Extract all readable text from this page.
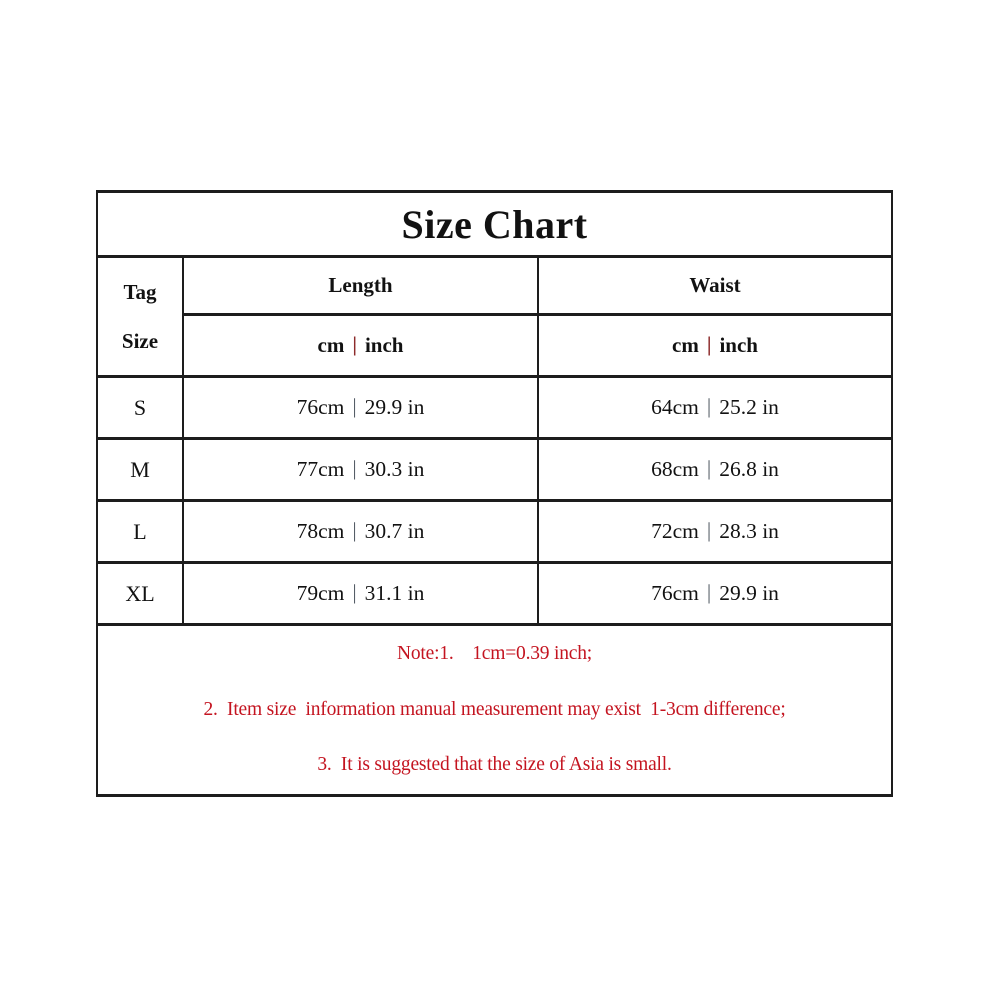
Size Chart		

Tag
Size	Length	Waist
	cm | inch	cm | inch
S	76cm | 29.9 in	64cm | 25.2 in
M	77cm | 30.3 in	68cm | 26.8 in
L	78cm | 30.7 in	72cm | 28.3 in
XL	79cm | 31.1 in	76cm | 29.9 in

Note:1.    1cm=0.39 inch;

2.  Item size  information manual measurement may exist  1-3cm difference;

3.  It is suggested that the size of Asia is small.		
